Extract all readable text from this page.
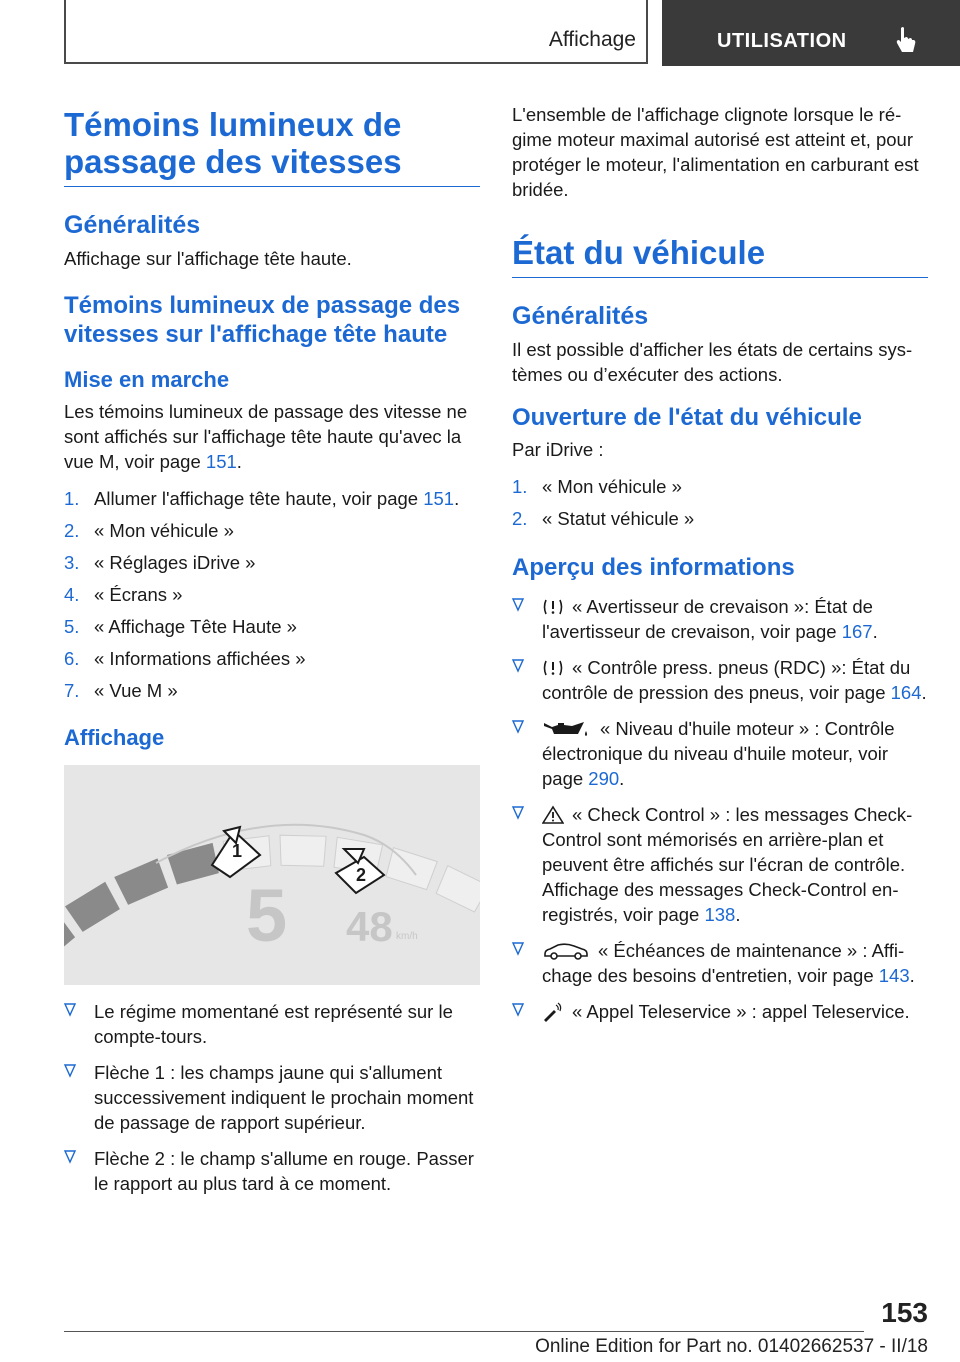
Affichage	UTILISATION
Témoins lumineux de passage des vitesses
Généralités

Affichage sur l'affichage tête haute.

Témoins lumineux de passage des vitesses sur l'affichage tête haute
Mise en marche

Les témoins lumineux de passage des vitesse ne sont affichés sur l'affichage tête haute qu'avec la vue M, voir page 151.

1. Allumer l'affichage tête haute, voir page 151.
2. « Mon véhicule »
3. « Réglages iDrive »
4. « Écrans »
5. « Affichage Tête Haute »
6. « Informations affichées »
7. « Vue M »
Affichage
1
2
5 48 km/h
Le régime momentané est représenté sur le compte-tours.
Flèche 1 : les champs jaune qui s'allument successivement indiquent le prochain moment de passage de rapport supérieur.
Flèche 2 : le champ s'allume en rouge. Passer le rapport au plus tard à ce moment.

L'ensemble de l'affichage clignote lorsque le régime moteur maximal autorisé est atteint et, pour protéger le moteur, l'alimentation en carburant est bridée.

État du véhicule
Généralités

Il est possible d'afficher les états de certains systèmes ou d’exécuter des actions.

Ouverture de l'état du véhicule

Par iDrive :

1. « Mon véhicule »
2. « Statut véhicule »
Aperçu des informations
« Avertisseur de crevaison »: État de l'avertisseur de crevaison, voir page 167.
« Contrôle press. pneus (RDC) »: État du contrôle de pression des pneus, voir page 164.
« Niveau d'huile moteur » : Contrôle électronique du niveau d'huile moteur, voir page 290.
« Check Control » : les messages Check-Control sont mémorisés en arrière-plan et peuvent être affichés sur l'écran de contrôle. Affichage des messages Check-Control enregistrés, voir page 138.
« Échéances de maintenance » : Affichage des besoins d'entretien, voir page 143.
« Appel Teleservice » : appel Teleservice.
153
Online Edition for Part no. 01402662537 - II/18
